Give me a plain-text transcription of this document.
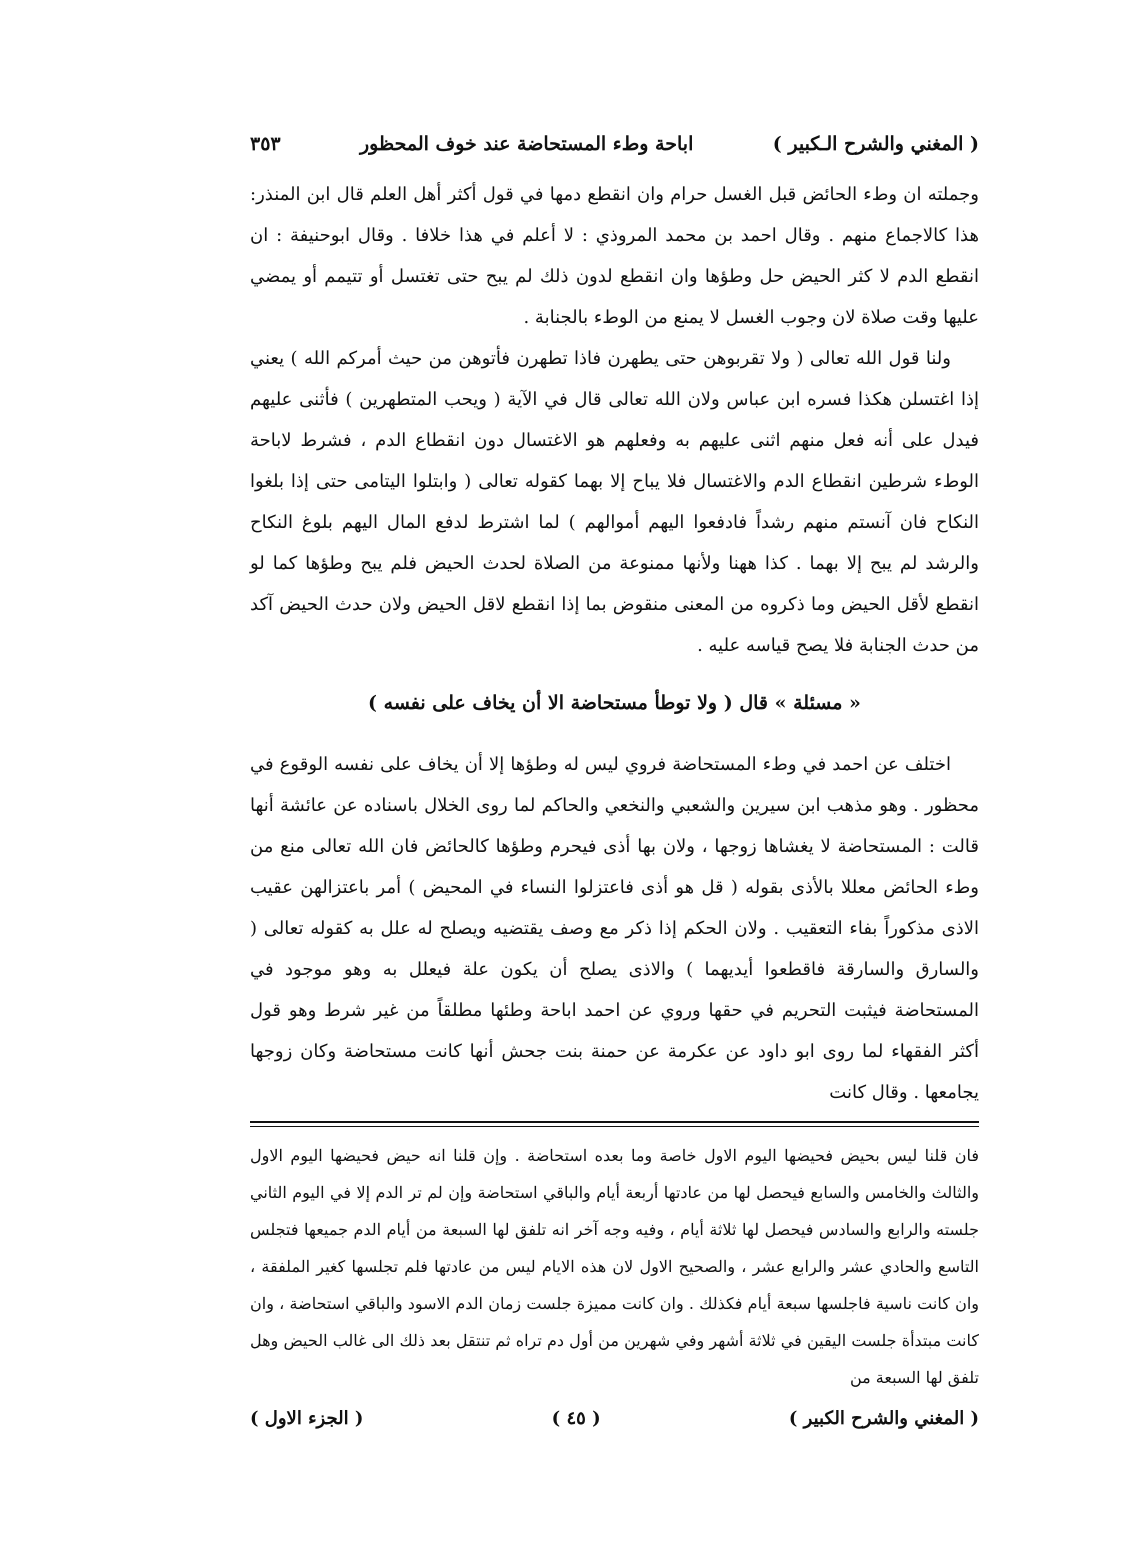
( المغني والشرح الـكبير )
اباحة وطء المستحاضة عند خوف المحظور
٣٥٣

وجملته ان وطء الحائض قبل الغسل حرام وان انقطع دمها في قول أكثر أهل العلم قال ابن المنذر: هذا كالاجماع منهم . وقال احمد بن محمد المروذي : لا أعلم في هذا خلافا . وقال ابوحنيفة : ان انقطع الدم لا كثر الحيض حل وطؤها وان انقطع لدون ذلك لم يبح حتى تغتسل أو تتيمم أو يمضي عليها وقت صلاة لان وجوب الغسل لا يمنع من الوطء بالجنابة .

ولنا قول الله تعالى ( ولا تقربوهن حتى يطهرن فاذا تطهرن فأتوهن من حيث أمركم الله ) يعني إذا اغتسلن هكذا فسره ابن عباس ولان الله تعالى قال في الآية ( ويحب المتطهرين ) فأثنى عليهم فيدل على أنه فعل منهم اثنى عليهم به وفعلهم هو الاغتسال دون انقطاع الدم ، فشرط لاباحة الوطء شرطين انقطاع الدم والاغتسال فلا يباح إلا بهما كقوله تعالى ( وابتلوا اليتامى حتى إذا بلغوا النكاح فان آنستم منهم رشداً فادفعوا اليهم أموالهم ) لما اشترط لدفع المال اليهم بلوغ النكاح والرشد لم يبح إلا بهما . كذا ههنا ولأنها ممنوعة من الصلاة لحدث الحيض فلم يبح وطؤها كما لو انقطع لأقل الحيض وما ذكروه من المعنى منقوض بما إذا انقطع لاقل الحيض ولان حدث الحيض آكد من حدث الجنابة فلا يصح قياسه عليه .

« مسئلة » قال ( ولا توطأ مستحاضة الا أن يخاف على نفسه )

اختلف عن احمد في وطء المستحاضة فروي ليس له وطؤها إلا أن يخاف على نفسه الوقوع في محظور . وهو مذهب ابن سيرين والشعبي والنخعي والحاكم لما روى الخلال باسناده عن عائشة أنها قالت : المستحاضة لا يغشاها زوجها ، ولان بها أذى فيحرم وطؤها كالحائض فان الله تعالى منع من وطء الحائض معللا بالأذى بقوله ( قل هو أذى فاعتزلوا النساء في المحيض ) أمر باعتزالهن عقيب الاذى مذكوراً بفاء التعقيب . ولان الحكم إذا ذكر مع وصف يقتضيه ويصلح له علل به كقوله تعالى ( والسارق والسارقة فاقطعوا أيديهما ) والاذى يصلح أن يكون علة فيعلل به وهو موجود في المستحاضة فيثبت التحريم في حقها وروي عن احمد اباحة وطئها مطلقاً من غير شرط وهو قول أكثر الفقهاء لما روى ابو داود عن عكرمة عن حمنة بنت جحش أنها كانت مستحاضة وكان زوجها يجامعها . وقال كانت

فان قلنا ليس بحيض فحيضها اليوم الاول خاصة وما بعده استحاضة . وإن قلنا انه حيض فحيضها اليوم الاول والثالث والخامس والسابع فيحصل لها من عادتها أربعة أيام والباقي استحاضة وإن لم تر الدم إلا في اليوم الثاني جلسته والرابع والسادس فيحصل لها ثلاثة أيام ، وفيه وجه آخر انه تلفق لها السبعة من أيام الدم جميعها فتجلس التاسع والحادي عشر والرابع عشر ، والصحيح الاول لان هذه الايام ليس من عادتها فلم تجلسها كغير الملفقة ، وان كانت ناسية فاجلسها سبعة أيام فكذلك . وان كانت مميزة جلست زمان الدم الاسود والباقي استحاضة ، وان كانت مبتدأة جلست اليقين في ثلاثة أشهر وفي شهرين من أول دم تراه ثم تنتقل بعد ذلك الى غالب الحيض وهل تلفق لها السبعة من

( المغني والشرح الكبير )
( ٤٥ )
( الجزء الاول )
